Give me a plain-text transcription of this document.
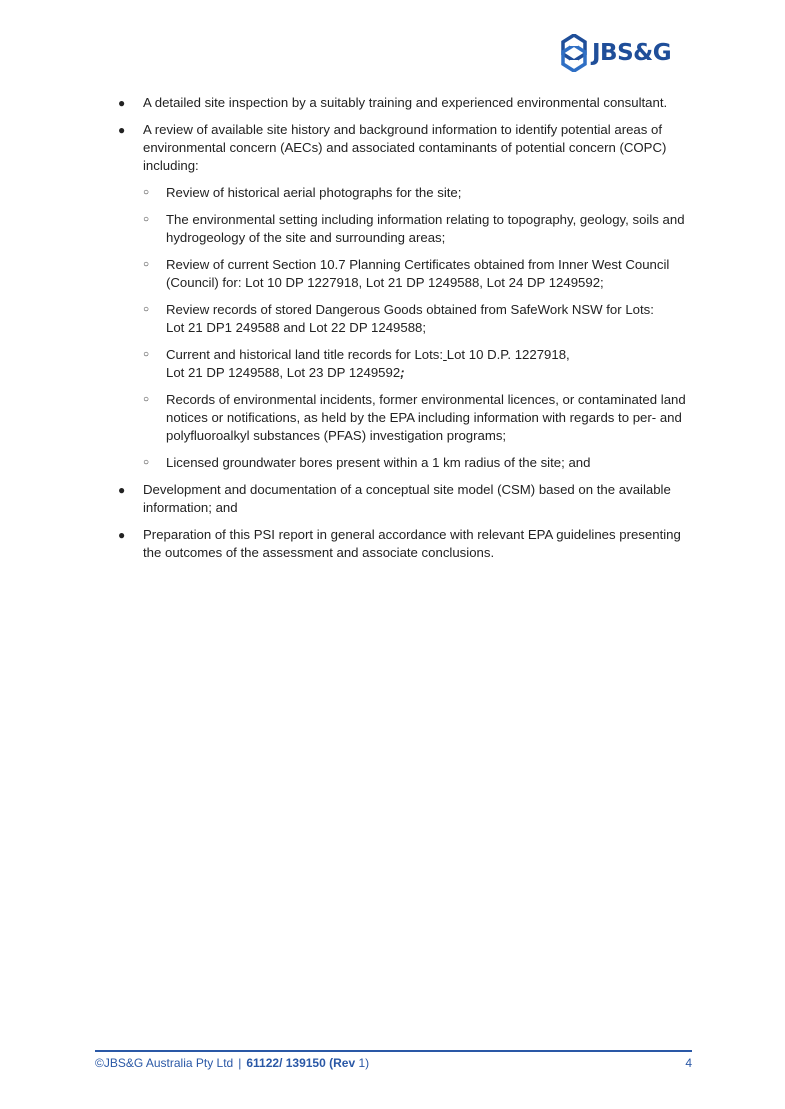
JBS&G
●	A detailed site inspection by a suitably training and experienced environmental consultant.
●	A review of available site history and background information to identify potential areas of environmental concern (AECs) and associated contaminants of potential concern (COPC) including:
○	Review of historical aerial photographs for the site;
○	The environmental setting including information relating to topography, geology, soils and hydrogeology of the site and surrounding areas;
○	Review of current Section 10.7 Planning Certificates obtained from Inner West Council (Council) for: Lot 10 DP 1227918, Lot 21 DP 1249588, Lot 24 DP 1249592;
○	Review records of stored Dangerous Goods obtained from SafeWork NSW for Lots:
Lot 21 DP1 249588 and Lot 22 DP 1249588;
○	Current and historical land title records for Lots: Lot 10 D.P. 1227918,
Lot 21 DP 1249588, Lot 23 DP 1249592;
○	Records of environmental incidents, former environmental licences, or contaminated land notices or notifications, as held by the EPA including information with regards to per- and polyfluoroalkyl substances (PFAS) investigation programs;
○	Licensed groundwater bores present within a 1 km radius of the site; and
●	Development and documentation of a conceptual site model (CSM) based on the available information; and
●	Preparation of this PSI report in general accordance with relevant EPA guidelines presenting the outcomes of the assessment and associate conclusions.
©JBS&G Australia Pty Ltd | 61122/ 139150 (Rev 1)	4
